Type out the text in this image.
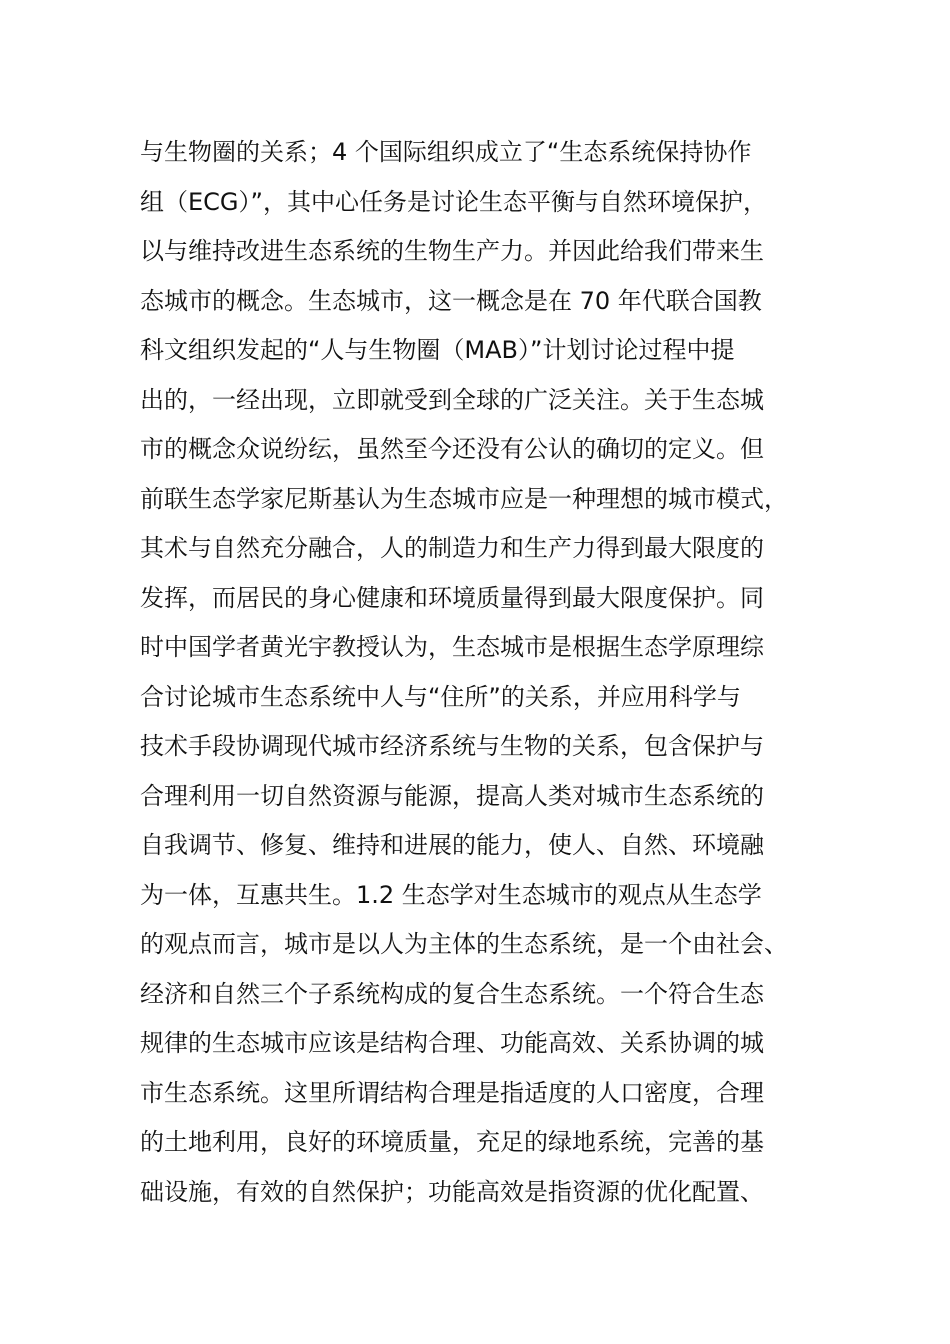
与生物圈的关系；4 个国际组织成立了“生态系统保持协作
组（ECG）”，其中心任务是讨论生态平衡与自然环境保护，
以与维持改进生态系统的生物生产力。并因此给我们带来生
态城市的概念。生态城市，这一概念是在 70 年代联合国教
科文组织发起的“人与生物圈（MAB）”计划讨论过程中提
出的，一经出现，立即就受到全球的广泛关注。关于生态城
市的概念众说纷纭，虽然至今还没有公认的确切的定义。但
前联生态学家尼斯基认为生态城市应是一种理想的城市模式，
其术与自然充分融合，人的制造力和生产力得到最大限度的
发挥，而居民的身心健康和环境质量得到最大限度保护。同
时中国学者黄光宇教授认为，生态城市是根据生态学原理综
合讨论城市生态系统中人与“住所”的关系，并应用科学与
技术手段协调现代城市经济系统与生物的关系，包含保护与
合理利用一切自然资源与能源，提高人类对城市生态系统的
自我调节、修复、维持和进展的能力，使人、自然、环境融
为一体，互惠共生。1.2 生态学对生态城市的观点从生态学
的观点而言，城市是以人为主体的生态系统，是一个由社会、
经济和自然三个子系统构成的复合生态系统。一个符合生态
规律的生态城市应该是结构合理、功能高效、关系协调的城
市生态系统。这里所谓结构合理是指适度的人口密度，合理
的土地利用，良好的环境质量，充足的绿地系统，完善的基
础设施，有效的自然保护；功能高效是指资源的优化配置、
